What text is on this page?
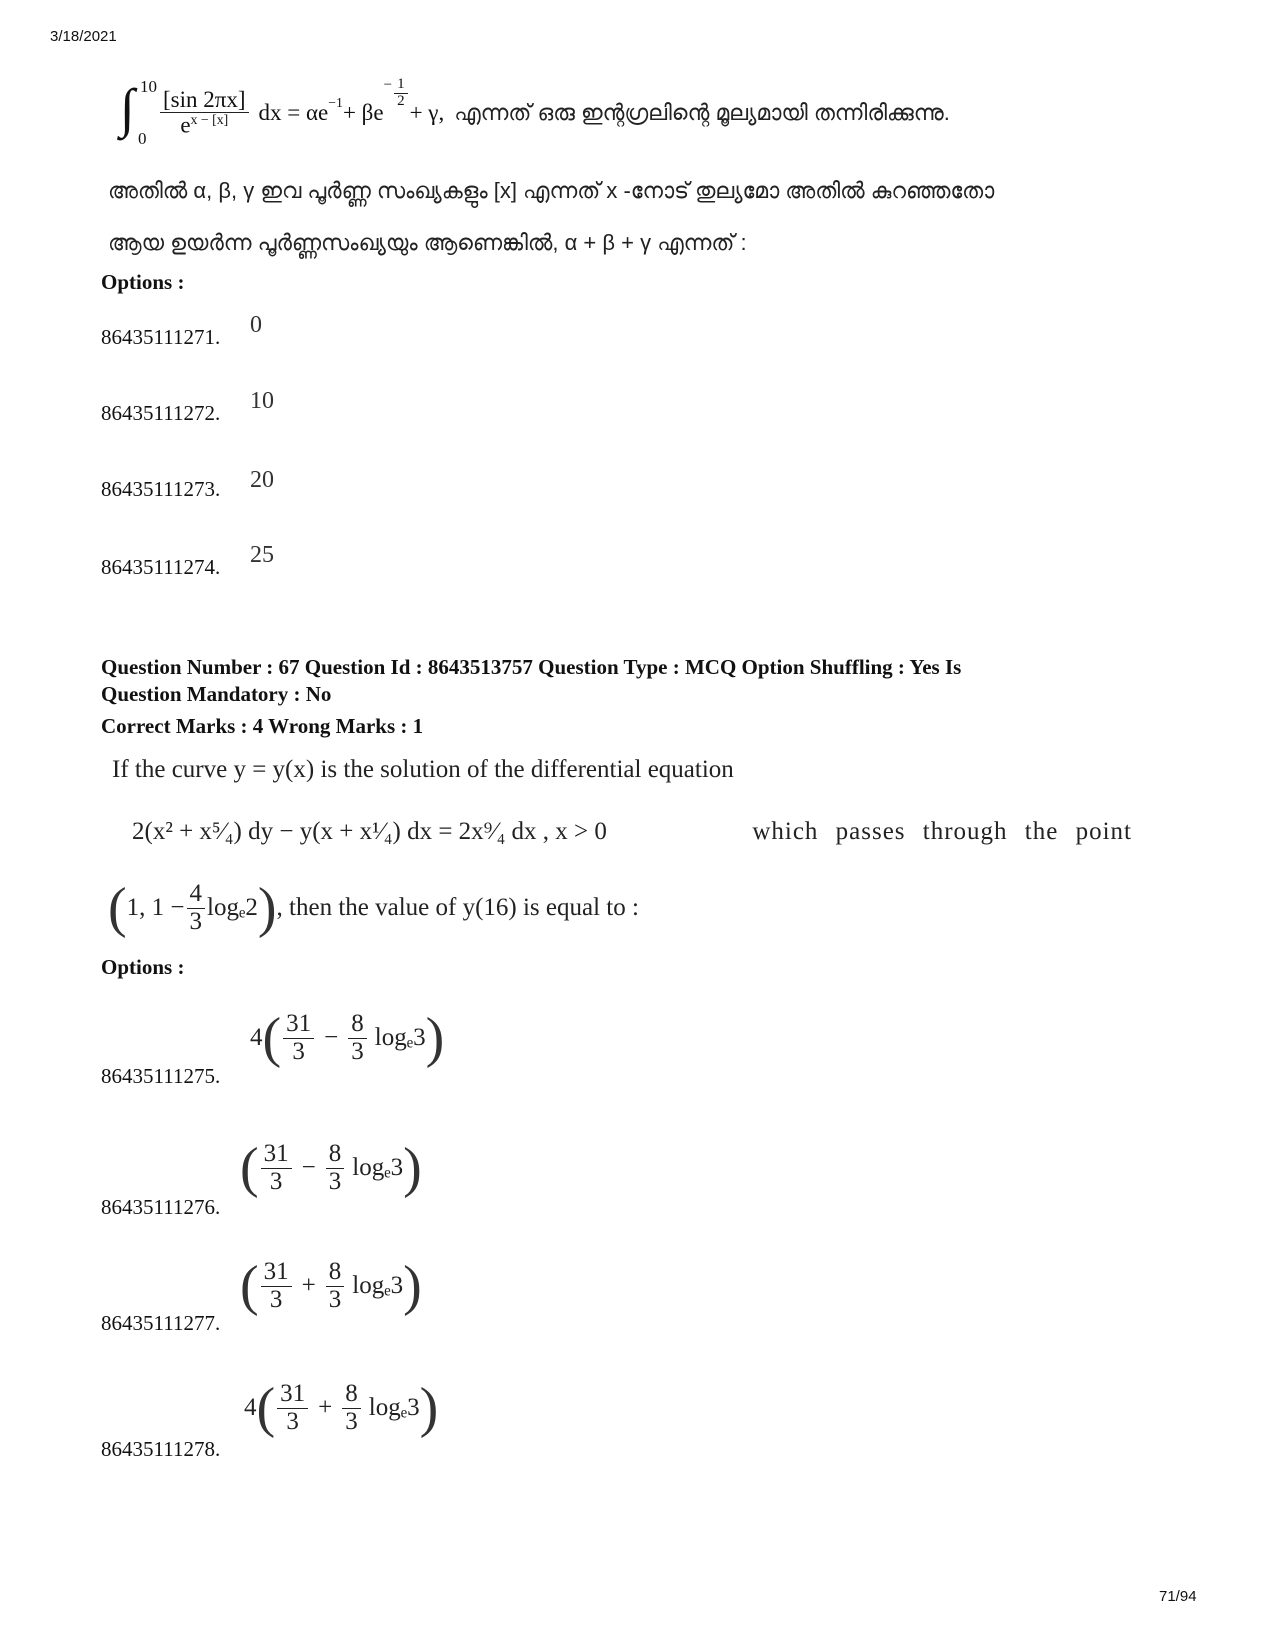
3/18/2021
∫ 10
0
$\frac{[\sin 2\pi x]}{e^{x - [x]}}$ dx = $\alpha e^{-1} + \beta e$
− $\frac{1}{2}$
+ γ, എന്നത് ഒരു ഇന്റഗ്രലിന്റെ മൂല്യമായി തന്നിരിക്കുന്നു.
അതിൽ α, β, γ ഇവ പൂർണ്ണ സംഖ്യകളും [x] എന്നത് x -നോട് തുല്യമോ അതിൽ കുറഞ്ഞതോ
ആയ ഉയർന്ന പൂർണ്ണസംഖ്യയും ആണെങ്കിൽ, α + β + γ എന്നത് :
Options :
86435111271. 0
86435111272. 10
86435111273. 20
86435111274. 25
Question Number : 67 Question Id : 8643513757 Question Type : MCQ Option Shuffling : Yes Is
Question Mandatory : No
Correct Marks : 4 Wrong Marks : 1
If the curve y = y(x) is the solution of the differential equation
2(x² + x⁵⁄₄) dy − y(x + x¹⁄₄) dx = 2x⁹⁄₄ dx , x > 0	which passes through the point
( 1, $1 - \frac{4}{3} \log_e2$ ) , then the value of y(16) is equal to :
Options :
86435111275.
4 ( $\frac{31}{3} - \frac{8}{3} \log_e3$ )
86435111276.
( $\frac{31}{3} - \frac{8}{3} \log_e3$ )
86435111277.
( $\frac{31}{3} + \frac{8}{3} \log_e3$ )
86435111278.
4 ( $\frac{31}{3} + \frac{8}{3} \log_e3$ )
71/94
